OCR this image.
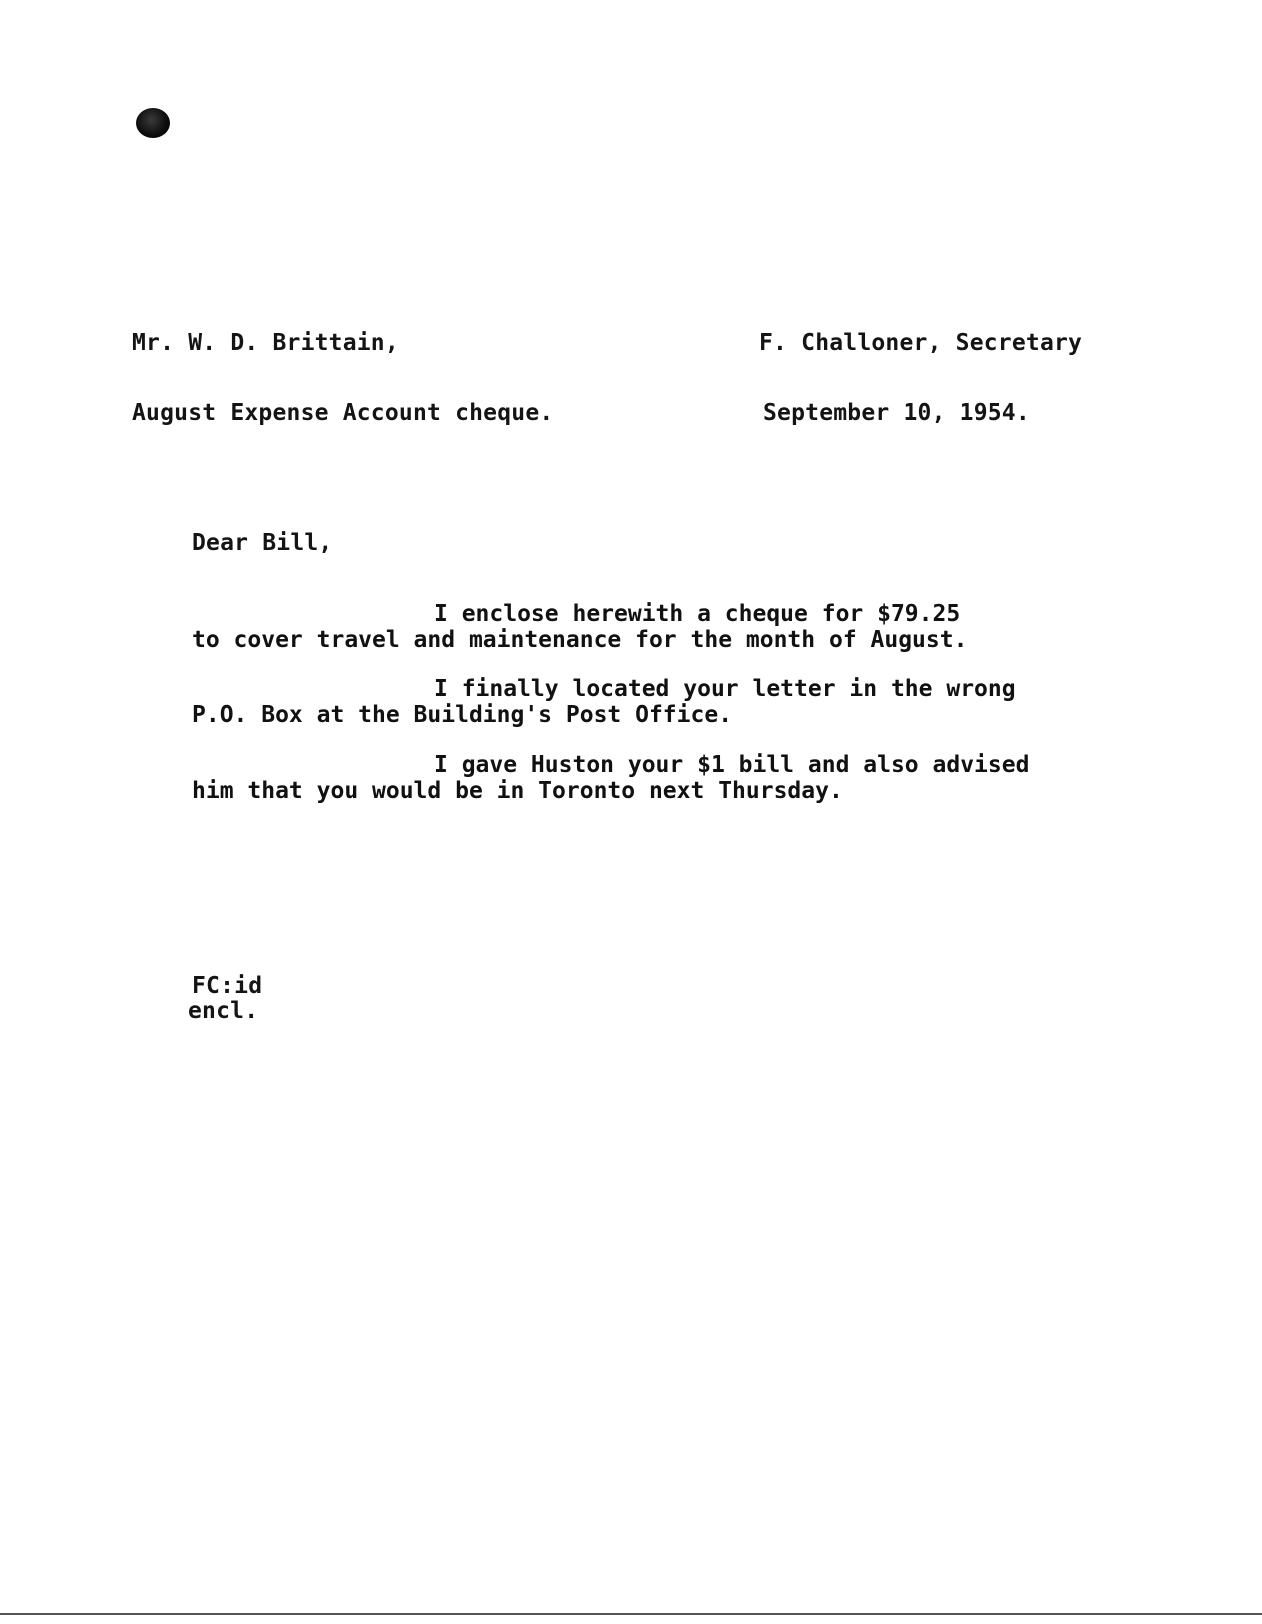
Mr. W. D. Brittain,	F. Challoner, Secretary
August Expense Account cheque.	September 10, 1954.
Dear Bill,
I enclose herewith a cheque for $79.25
to cover travel and maintenance for the month of August.
I finally located your letter in the wrong
P.O. Box at the Building's Post Office.
I gave Huston your $1 bill and also advised
him that you would be in Toronto next Thursday.
FC:id
encl.
